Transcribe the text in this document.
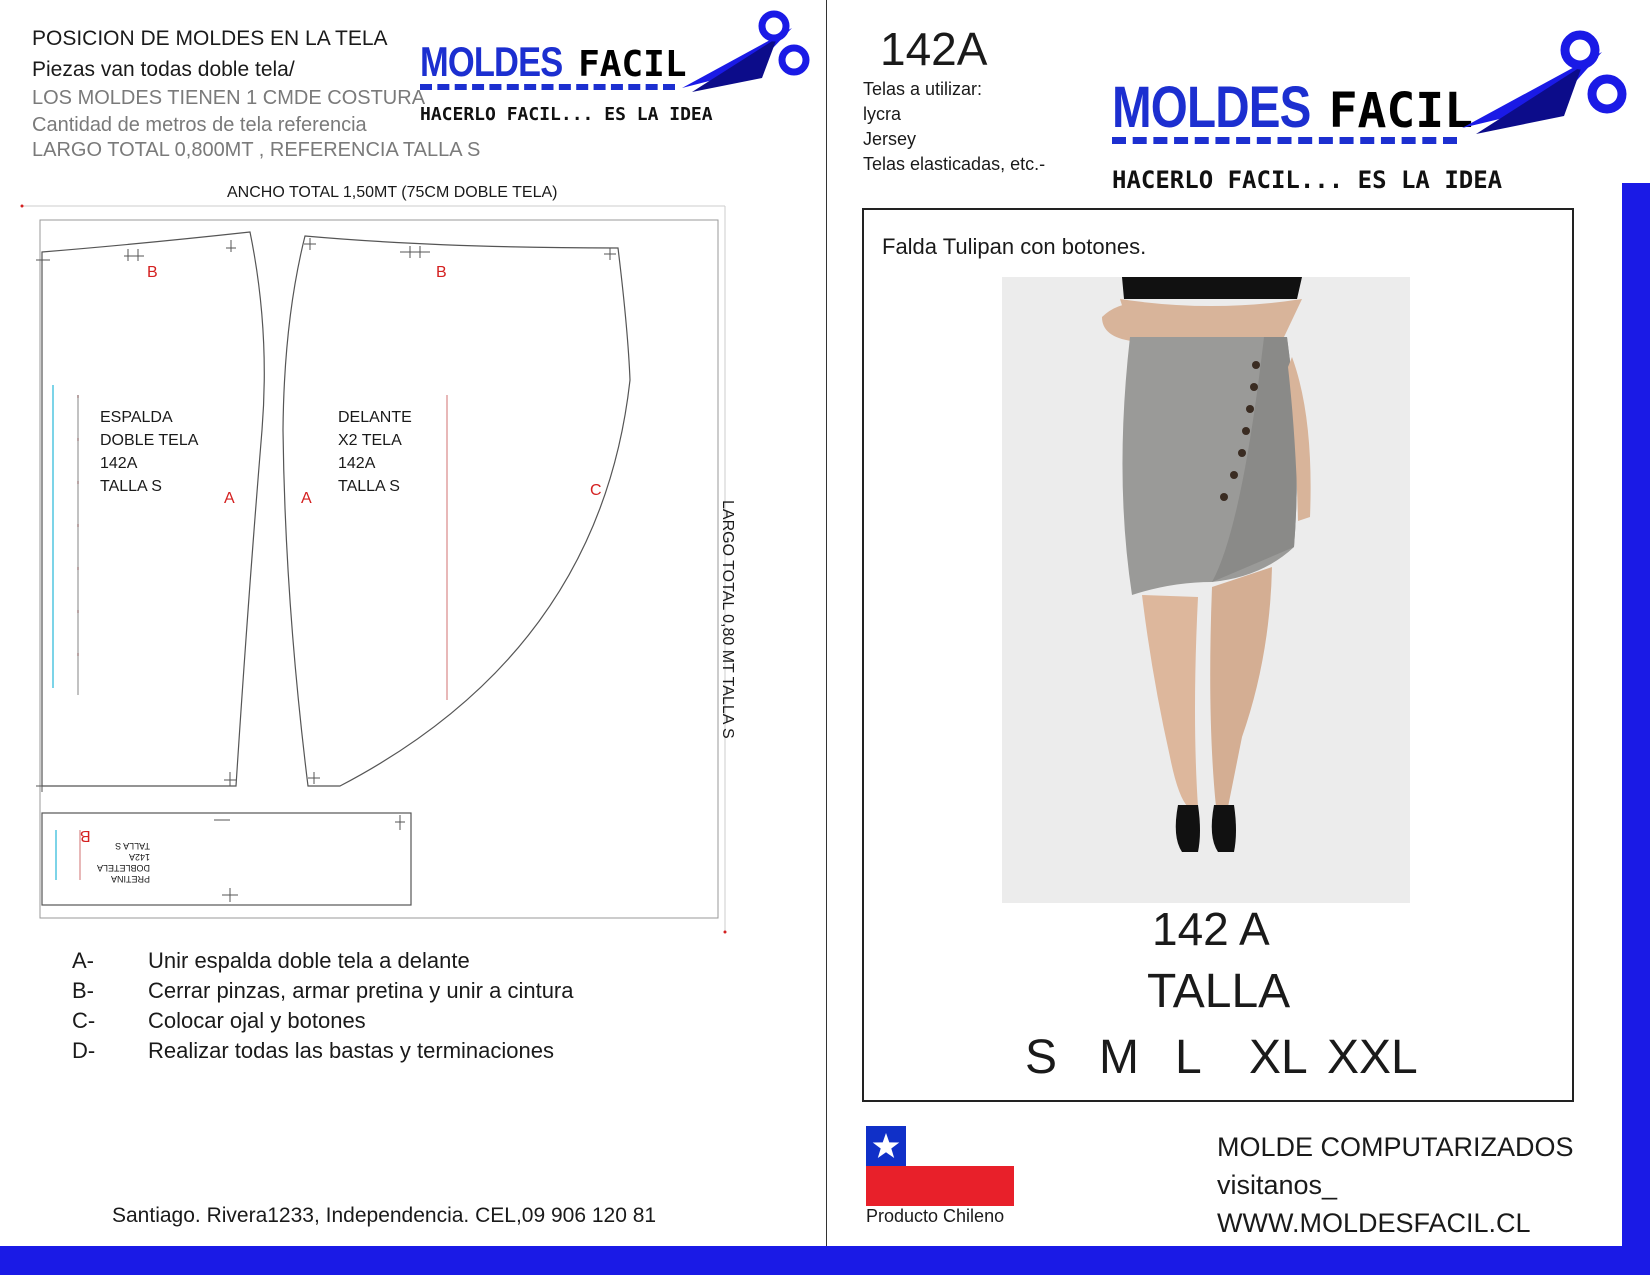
POSICION DE MOLDES EN LA TELA
Piezas van todas doble tela/
LOS MOLDES TIENEN 1 CMDE COSTURA
Cantidad de metros de tela referencia
LARGO TOTAL 0,800MT , REFERENCIA TALLA S
MOLDES FACIL
HACERLO FACIL... ES LA IDEA
ANCHO TOTAL 1,50MT (75CM DOBLE TELA)
ESPALDA
DOBLE TELA
142A
TALLA S
DELANTE
X2 TELA
142A
TALLA S
PRETINA
DOBLETELA
142A
TALLA S
B	B
A	A	C
B
LARGO TOTAL 0,80 MT TALLA S
A-	Unir espalda doble tela a delante
B-	Cerrar pinzas, armar pretina y unir a cintura
C-	Colocar ojal y botones
D-	Realizar todas las bastas y terminaciones
Santiago. Rivera1233, Independencia. CEL,09 906 120 81
142A
Telas a utilizar:
lycra
Jersey
Telas elasticadas, etc.-
MOLDES FACIL
HACERLO FACIL... ES LA IDEA
Falda Tulipan con botones.
142 A
TALLA
S M L XL XXL
Producto Chileno
MOLDE COMPUTARIZADOS
visitanos_
WWW.MOLDESFACIL.CL
